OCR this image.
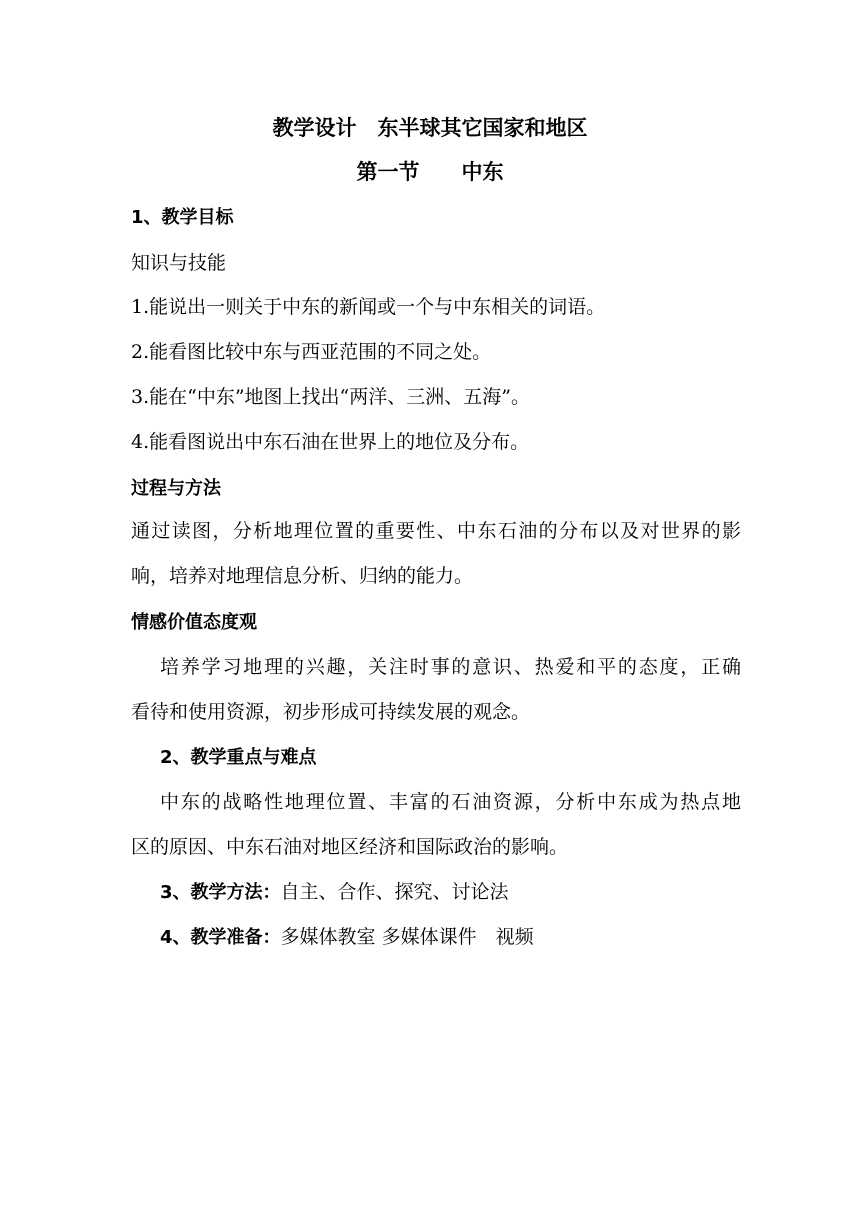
教学设计　东半球其它国家和地区
第一节　　中东
1、教学目标
知识与技能
1.能说出一则关于中东的新闻或一个与中东相关的词语。
2.能看图比较中东与西亚范围的不同之处。
3.能在“中东”地图上找出“两洋、三洲、五海”。
4.能看图说出中东石油在世界上的地位及分布。
过程与方法
通过读图，分析地理位置的重要性、中东石油的分布以及对世界的影
响，培养对地理信息分析、归纳的能力。
情感价值态度观
培养学习地理的兴趣，关注时事的意识、热爱和平的态度，正确
看待和使用资源，初步形成可持续发展的观念。
2、教学重点与难点
中东的战略性地理位置、丰富的石油资源，分析中东成为热点地
区的原因、中东石油对地区经济和国际政治的影响。
3、教学方法：自主、合作、探究、讨论法
4、教学准备：多媒体教室 多媒体课件　视频
